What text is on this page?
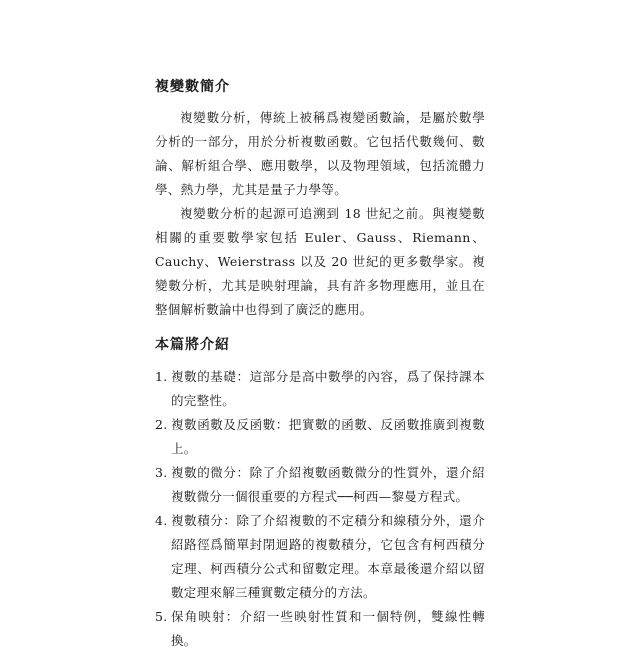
複變數簡介

複變數分析，傳統上被稱爲複變函數論，是屬於數學分析的一部分，用於分析複數函數。它包括代數幾何、數論、解析組合學、應用數學，以及物理領域，包括流體力學、熱力學，尤其是量子力學等。

複變數分析的起源可追溯到 18 世紀之前。與複變數相關的重要數學家包括 Euler、Gauss、Riemann、Cauchy、Weierstrass 以及 20 世紀的更多數學家。複變數分析，尤其是映射理論，具有許多物理應用，並且在整個解析數論中也得到了廣泛的應用。

本篇將介紹
1. 複數的基礎：這部分是高中數學的內容，爲了保持課本的完整性。
2. 複數函數及反函數：把實數的函數、反函數推廣到複數上。
3. 複數的微分：除了介紹複數函數微分的性質外，還介紹複數微分一個很重要的方程式──柯西—黎曼方程式。
4. 複數積分：除了介紹複數的不定積分和線積分外，還介紹路徑爲簡單封閉迴路的複數積分，它包含有柯西積分定理、柯西積分公式和留數定理。本章最後還介紹以留數定理來解三種實數定積分的方法。
5. 保角映射：介紹一些映射性質和一個特例，雙線性轉換。
